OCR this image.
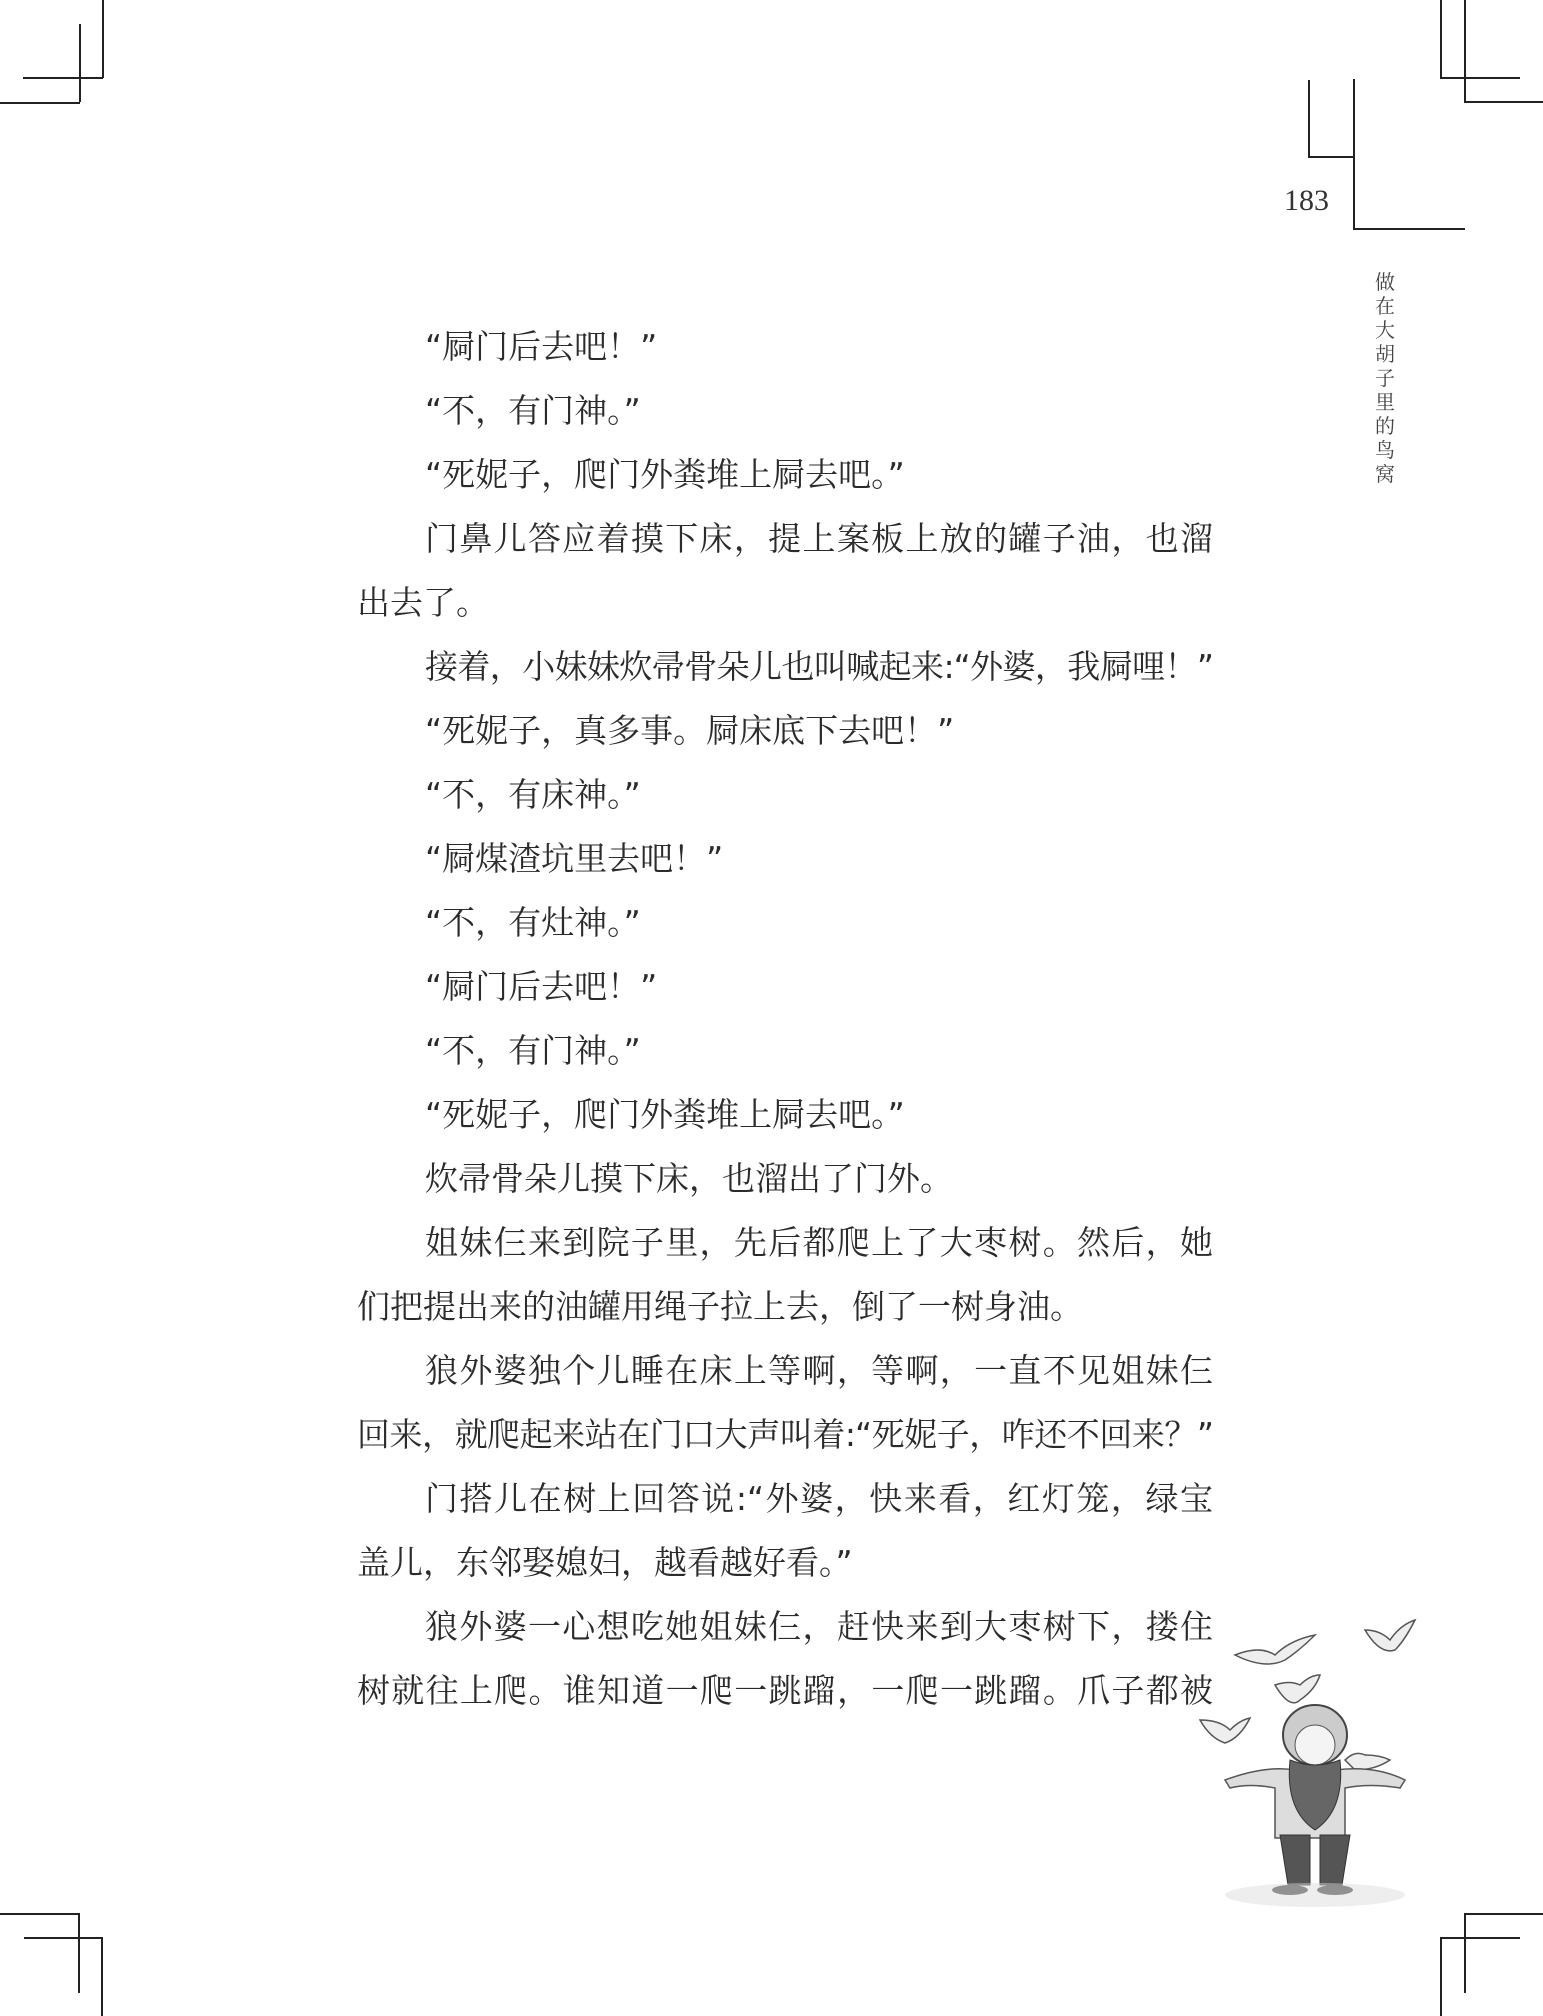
183
做在大胡子里的鸟窝
“屙门后去吧！”
“不，有门神。”
“死妮子，爬门外粪堆上屙去吧。”
门鼻儿答应着摸下床，提上案板上放的罐子油，也溜
出去了。
接着，小妹妹炊帚骨朵儿也叫喊起来:“外婆，我屙哩！”
“死妮子，真多事。屙床底下去吧！”
“不，有床神。”
“屙煤渣坑里去吧！”
“不，有灶神。”
“屙门后去吧！”
“不，有门神。”
“死妮子，爬门外粪堆上屙去吧。”
炊帚骨朵儿摸下床，也溜出了门外。
姐妹仨来到院子里，先后都爬上了大枣树。然后，她
们把提出来的油罐用绳子拉上去，倒了一树身油。
狼外婆独个儿睡在床上等啊，等啊，一直不见姐妹仨
回来，就爬起来站在门口大声叫着:“死妮子，咋还不回来？”
门搭儿在树上回答说:“外婆，快来看，红灯笼，绿宝
盖儿，东邻娶媳妇，越看越好看。”
狼外婆一心想吃她姐妹仨，赶快来到大枣树下，搂住
树就往上爬。谁知道一爬一跳蹓，一爬一跳蹓。爪子都被
